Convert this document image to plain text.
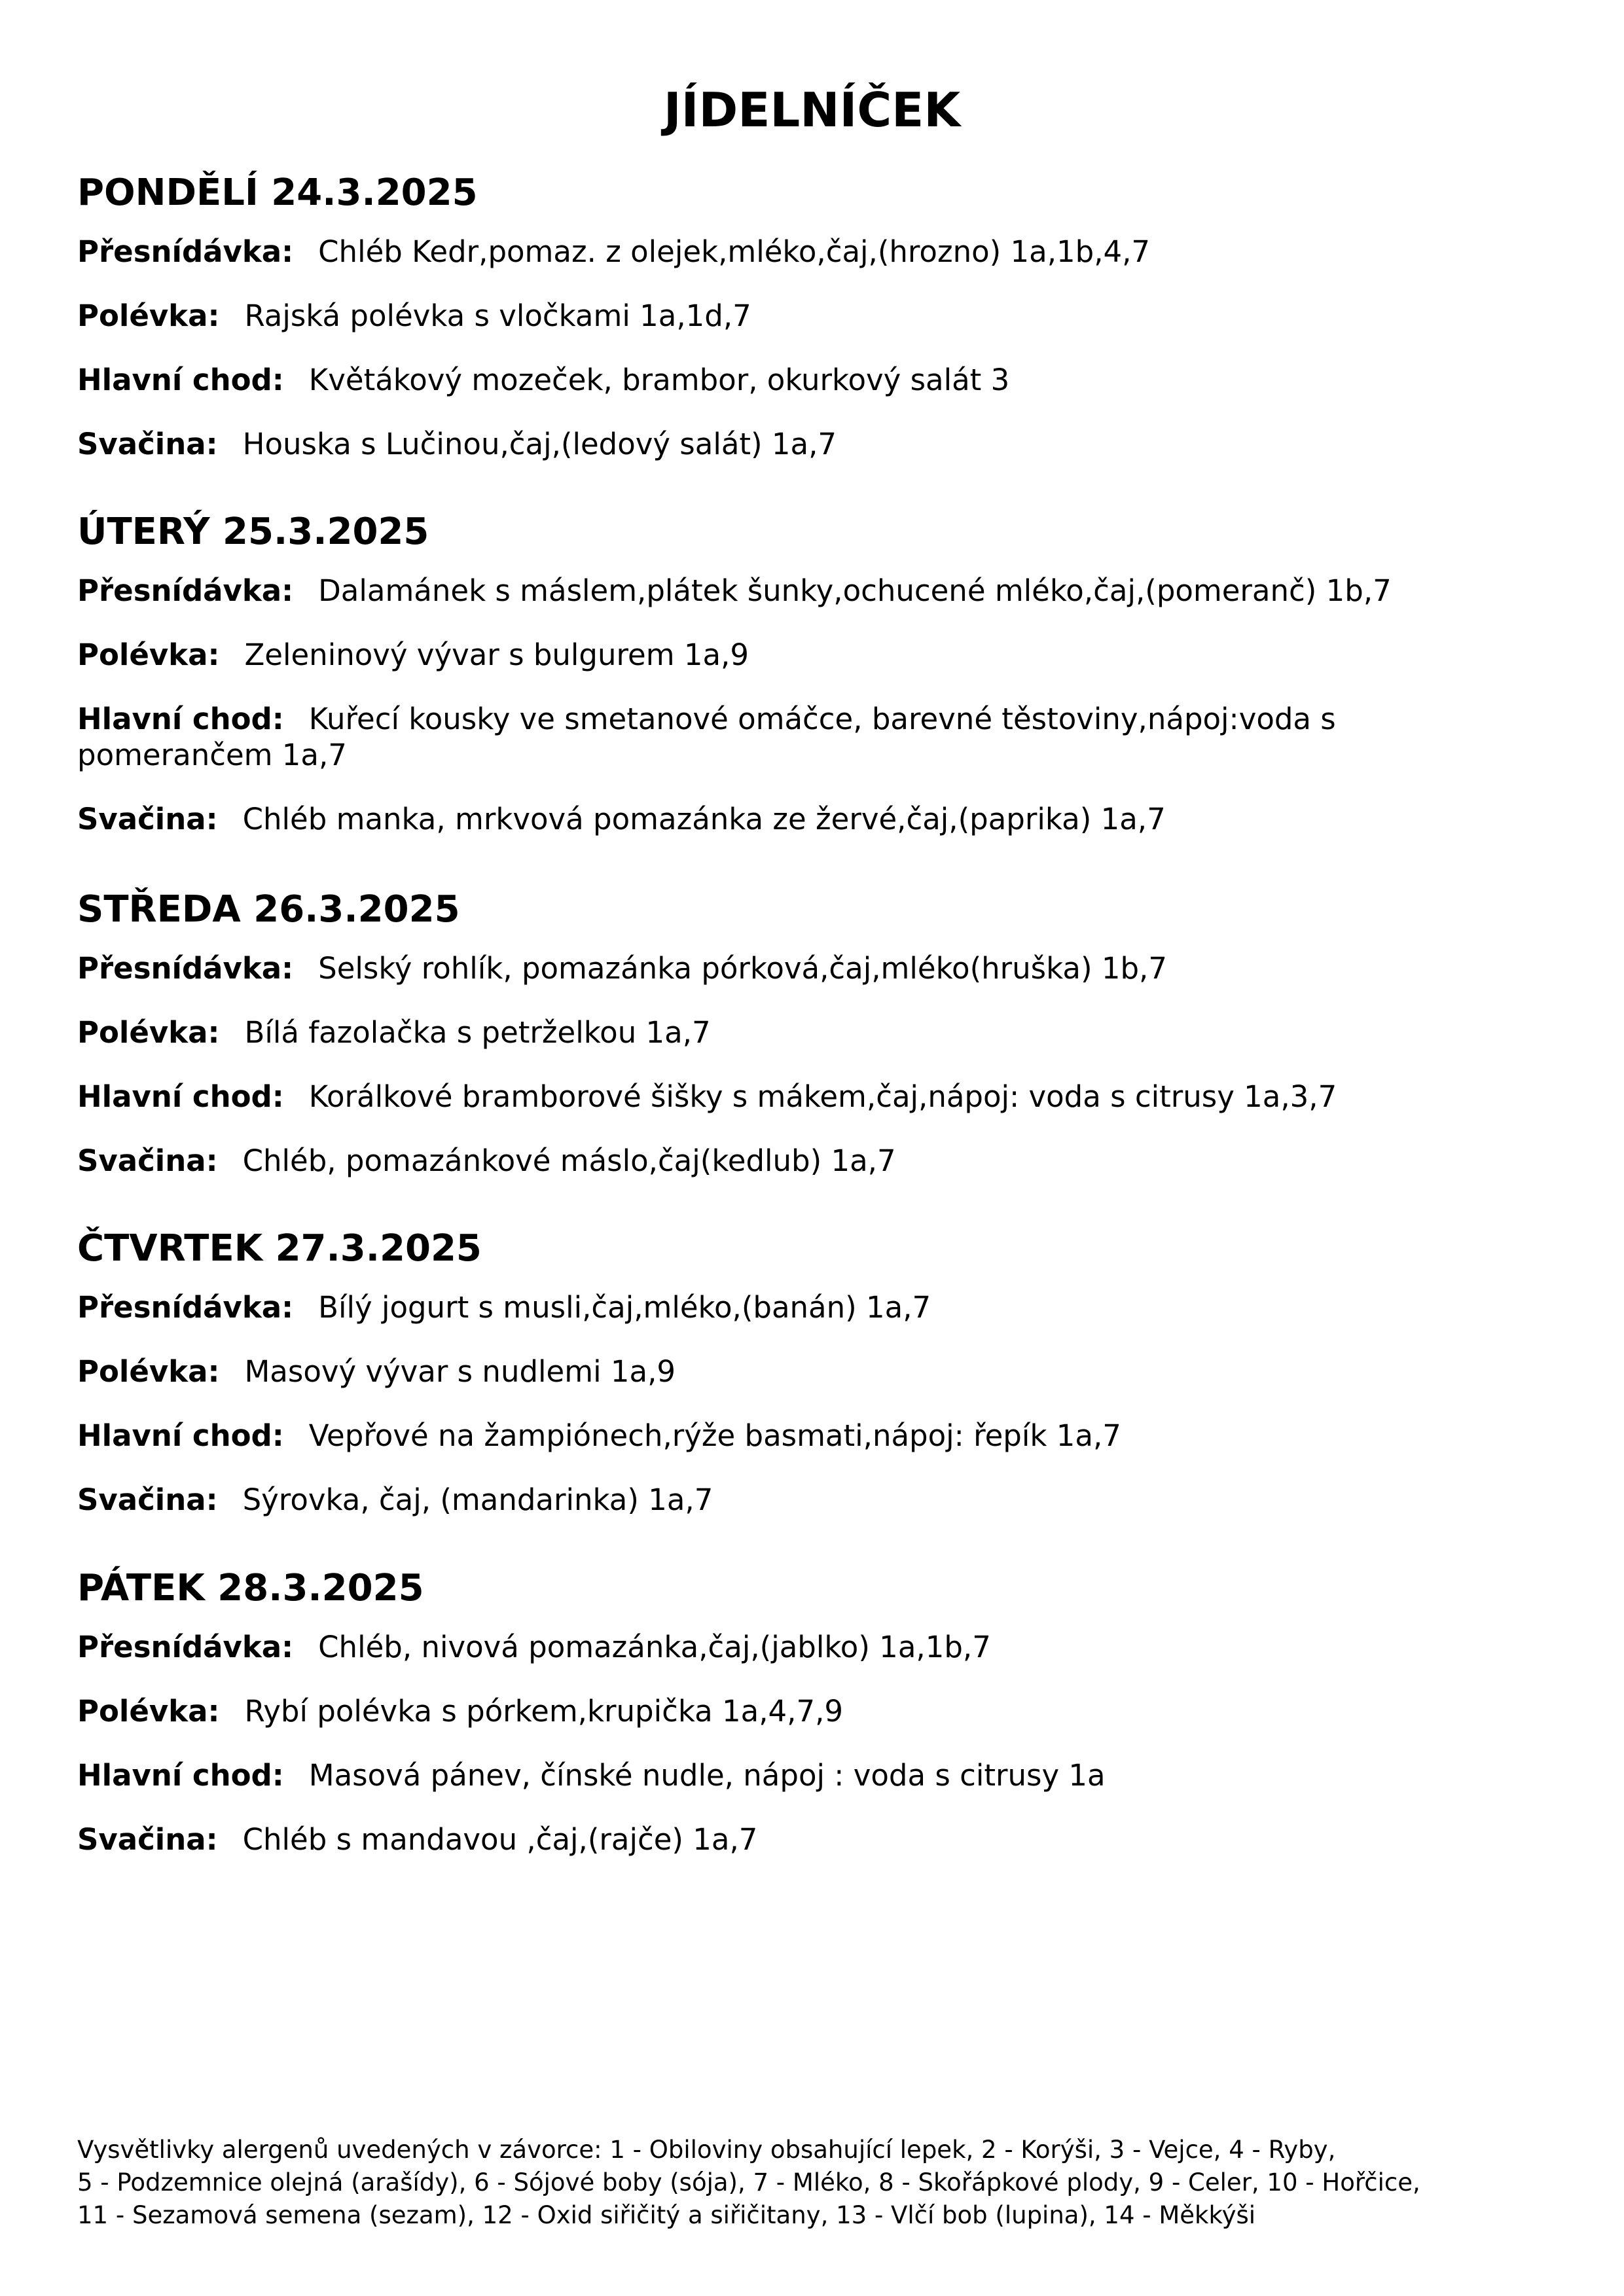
JÍDELNÍČEK
PONDĚLÍ 24.3.2025

Přesnídávka: Chléb Kedr,pomaz. z olejek,mléko,čaj,(hrozno) 1a,1b,4,7

Polévka: Rajská polévka s vločkami 1a,1d,7

Hlavní chod: Květákový mozeček, brambor, okurkový salát 3

Svačina: Houska s Lučinou,čaj,(ledový salát) 1a,7

ÚTERÝ 25.3.2025

Přesnídávka: Dalamánek s máslem,plátek šunky,ochucené mléko,čaj,(pomeranč) 1b,7

Polévka: Zeleninový vývar s bulgurem 1a,9

Hlavní chod: Kuřecí kousky ve smetanové omáčce, barevné těstoviny,nápoj:voda s pomerančem 1a,7

Svačina: Chléb manka, mrkvová pomazánka ze žervé,čaj,(paprika) 1a,7

STŘEDA 26.3.2025

Přesnídávka: Selský rohlík, pomazánka pórková,čaj,mléko(hruška) 1b,7

Polévka: Bílá fazolačka s petrželkou 1a,7

Hlavní chod: Korálkové bramborové šišky s mákem,čaj,nápoj: voda s citrusy 1a,3,7

Svačina: Chléb, pomazánkové máslo,čaj(kedlub) 1a,7

ČTVRTEK 27.3.2025

Přesnídávka: Bílý jogurt s musli,čaj,mléko,(banán) 1a,7

Polévka: Masový vývar s nudlemi 1a,9

Hlavní chod: Vepřové na žampiónech,rýže basmati,nápoj: řepík 1a,7

Svačina: Sýrovka, čaj, (mandarinka) 1a,7

PÁTEK 28.3.2025

Přesnídávka: Chléb, nivová pomazánka,čaj,(jablko) 1a,1b,7

Polévka: Rybí polévka s pórkem,krupička 1a,4,7,9

Hlavní chod: Masová pánev, čínské nudle, nápoj : voda s citrusy 1a

Svačina: Chléb s mandavou ,čaj,(rajče) 1a,7

Vysvětlivky alergenů uvedených v závorce: 1 - Obiloviny obsahující lepek, 2 - Korýši, 3 - Vejce, 4 - Ryby,
5 - Podzemnice olejná (arašídy), 6 - Sójové boby (sója), 7 - Mléko, 8 - Skořápkové plody, 9 - Celer, 10 - Hořčice,
11 - Sezamová semena (sezam), 12 - Oxid siřičitý a siřičitany, 13 - Vlčí bob (lupina), 14 - Měkkýši
